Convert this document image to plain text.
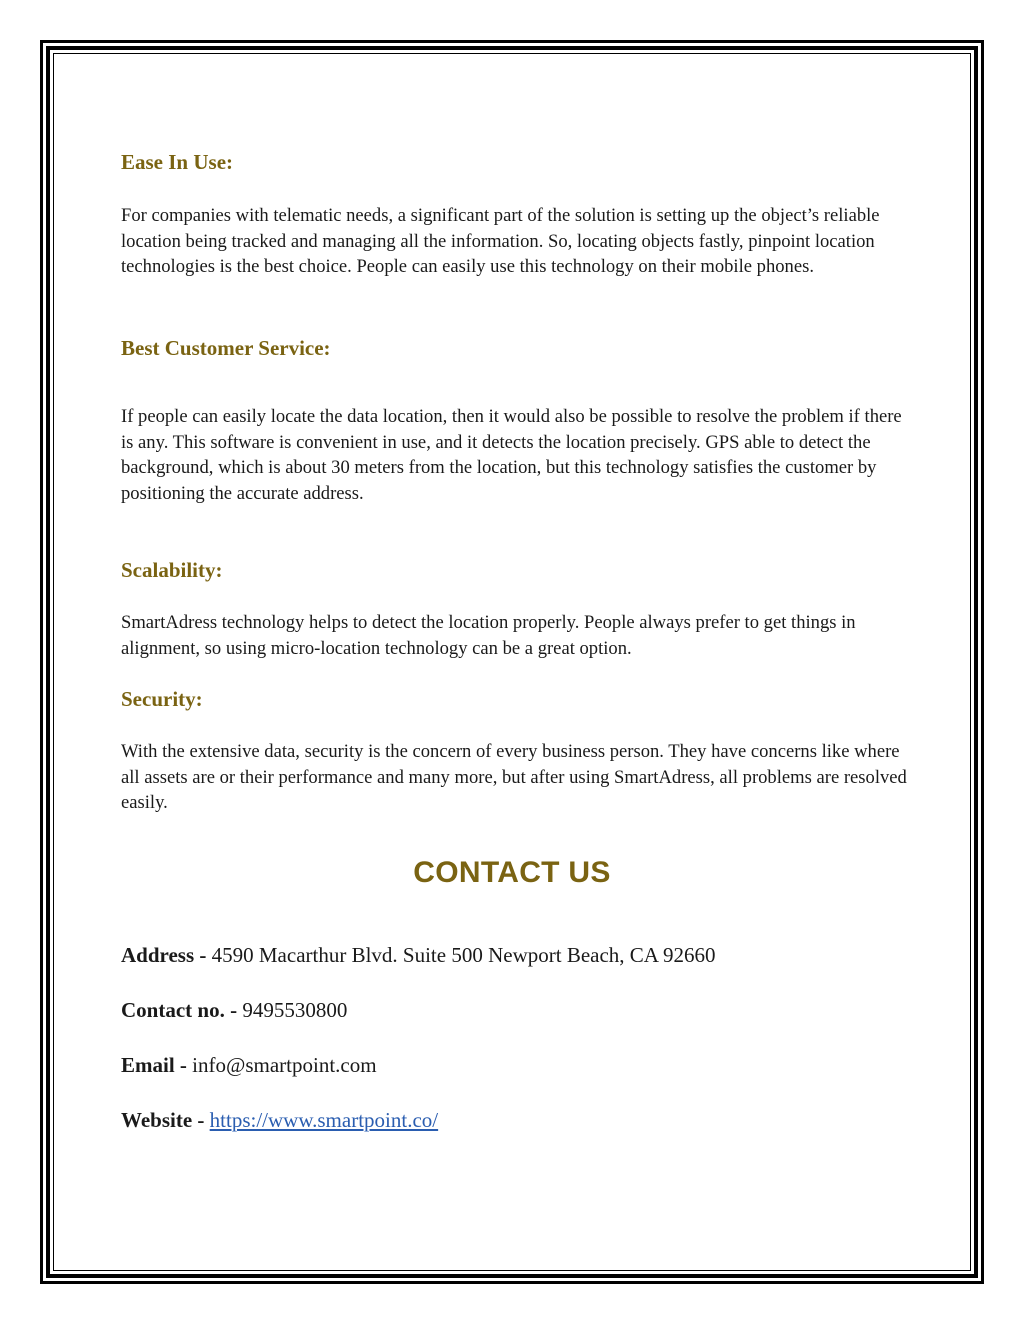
Ease In Use:

For companies with telematic needs, a significant part of the solution is setting up the object’s reliable location being tracked and managing all the information. So, locating objects fastly, pinpoint location technologies is the best choice. People can easily use this technology on their mobile phones.

Best Customer Service:

If people can easily locate the data location, then it would also be possible to resolve the problem if there is any. This software is convenient in use, and it detects the location precisely. GPS able to detect the background, which is about 30 meters from the location, but this technology satisfies the customer by positioning the accurate address.

Scalability:

SmartAdress technology helps to detect the location properly. People always prefer to get things in alignment, so using micro-location technology can be a great option.

Security:

With the extensive data, security is the concern of every business person. They have concerns like where all assets are or their performance and many more, but after using SmartAdress, all problems are resolved easily.

CONTACT US

Address - 4590 Macarthur Blvd. Suite 500 Newport Beach, CA 92660

Contact no. - 9495530800

Email - info@smartpoint.com

Website - https://www.smartpoint.co/
